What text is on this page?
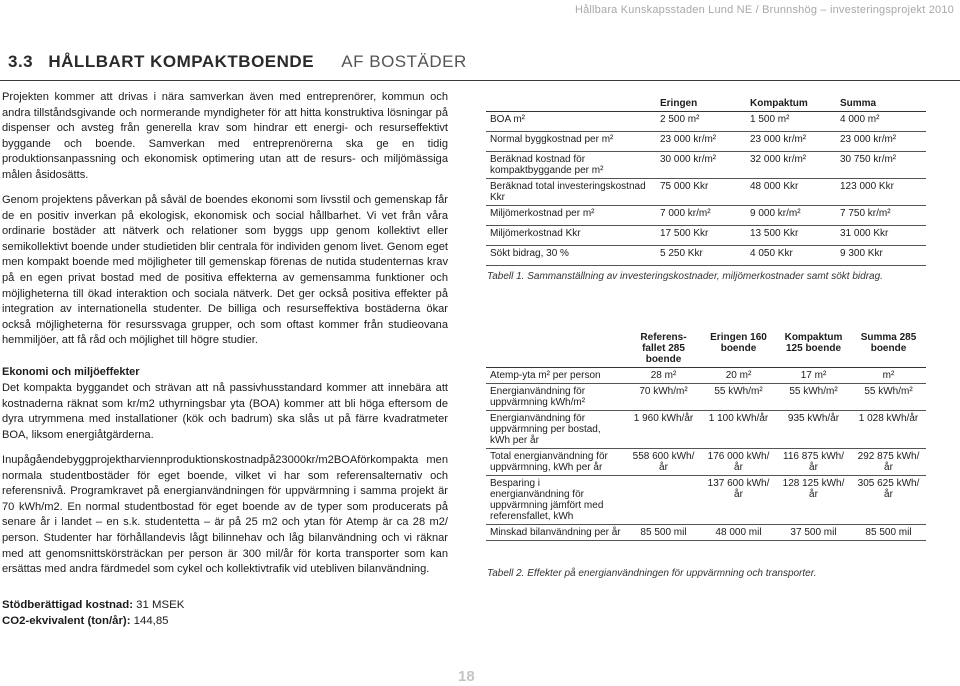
Hållbara Kunskapsstaden Lund NE / Brunnshög – investeringsprojekt 2010
3.3 HÅLLBART KOMPAKTBOENDE AF BOSTÄDER

Projekten kommer att drivas i nära samverkan även med entreprenörer, kommun och andra tillståndsgivande och normerande myndigheter för att hitta konstruktiva lösningar på dispenser och avsteg från generella krav som hindrar ett energi- och resurseffektivt byggande och boende. Samverkan med entreprenörerna ska ge en tidig produktionsanpassning och ekonomisk optimering utan att de resurs- och miljömässiga målen åsidosätts.

Genom projektens påverkan på såväl de boendes ekonomi som livsstil och gemenskap får de en positiv inverkan på ekologisk, ekonomisk och social hållbarhet. Vi vet från våra ordinarie bostäder att nätverk och relationer som byggs upp genom kollektivt eller semikollektivt boende under studietiden blir centrala för individen genom livet. Genom eget men kompakt boende med möjligheter till gemenskap förenas de nutida studenternas krav på en egen privat bostad med de positiva effekterna av gemensamma funktioner och möjligheterna till ökad interaktion och sociala nätverk. Det ger också positiva effekter på integration av internationella studenter. De billiga och resurseffektiva bostäderna ökar också möjligheterna för resurssvaga grupper, och som oftast kommer från studieovana hemmiljöer, att få råd och möjlighet till högre studier.

Ekonomi och miljöeffekter

Det kompakta byggandet och strävan att nå passivhusstandard kommer att innebära att kostnaderna räknat som kr/m2 uthyrningsbar yta (BOA) kommer att bli höga eftersom de dyra utrymmena med installationer (kök och badrum) ska slås ut på färre kvadratmeter BOA, liksom energiåtgärderna.

Inupågåendebyggprojektharviennproduktionskostnadpå23000kr/m2BOAförkompakta men normala studentbostäder för eget boende, vilket vi har som referensalternativ och referensnivå. Programkravet på energianvändningen för uppvärmning i samma projekt är 70 kWh/m2. En normal studentbostad för eget boende av de typer som producerats på senare år i landet – en s.k. studentetta – är på 25 m2 och ytan för Atemp är ca 28 m2/ person. Studenter har förhållandevis lågt bilinnehav och låg bilanvändning och vi räknar med att genomsnittskörsträckan per person är 300 mil/år för korta transporter som kan ersättas med andra färdmedel som cykel och kollektivtrafik vid utebliven bilanvändning.

Stödberättigad kostnad: 31 MSEK
CO2-ekvivalent (ton/år): 144,85
	Eringen	Kompaktum	Summa
BOA m²	2 500 m²	1 500 m²	4 000 m²
Normal byggkostnad per m²	23 000 kr/m²	23 000 kr/m²	23 000 kr/m²
Beräknad kostnad för kompaktbyggande per m²	30 000 kr/m²	32 000 kr/m²	30 750 kr/m²
Beräknad total investeringskostnad Kkr	75 000 Kkr	48 000 Kkr	123 000 Kkr
Miljömerkostnad per m²	7 000 kr/m²	9 000 kr/m²	7 750 kr/m²
Miljömerkostnad Kkr	17 500 Kkr	13 500 Kkr	31 000 Kkr
Sökt bidrag, 30 %	5 250 Kkr	4 050 Kkr	9 300 Kkr
Tabell 1. Sammanställning av investeringskostnader, miljömerkostnader samt sökt bidrag.
	Referens-fallet 285 boende	Eringen 160 boende	Kompaktum 125 boende	Summa 285 boende
Atemp-yta m² per person	28 m²	20 m²	17 m²	m²
Energianvändning för uppvärmning kWh/m²	70 kWh/m²	55 kWh/m²	55 kWh/m²	55 kWh/m²
Energianvändning för uppvärmning per bostad, kWh per år	1 960 kWh/år	1 100 kWh/år	935 kWh/år	1 028 kWh/år
Total energianvändning för uppvärmning, kWh per år	558 600 kWh/år	176 000 kWh/år	116 875 kWh/år	292 875 kWh/ år
Besparing i energianvändning för uppvärmning jämfört med referensfallet, kWh		137 600 kWh/år	128 125 kWh/år	305 625 kWh/ år
Minskad bilanvändning per år	85 500 mil	48 000 mil	37 500 mil	85 500 mil
Tabell 2. Effekter på energianvändningen för uppvärmning och transporter.
18
